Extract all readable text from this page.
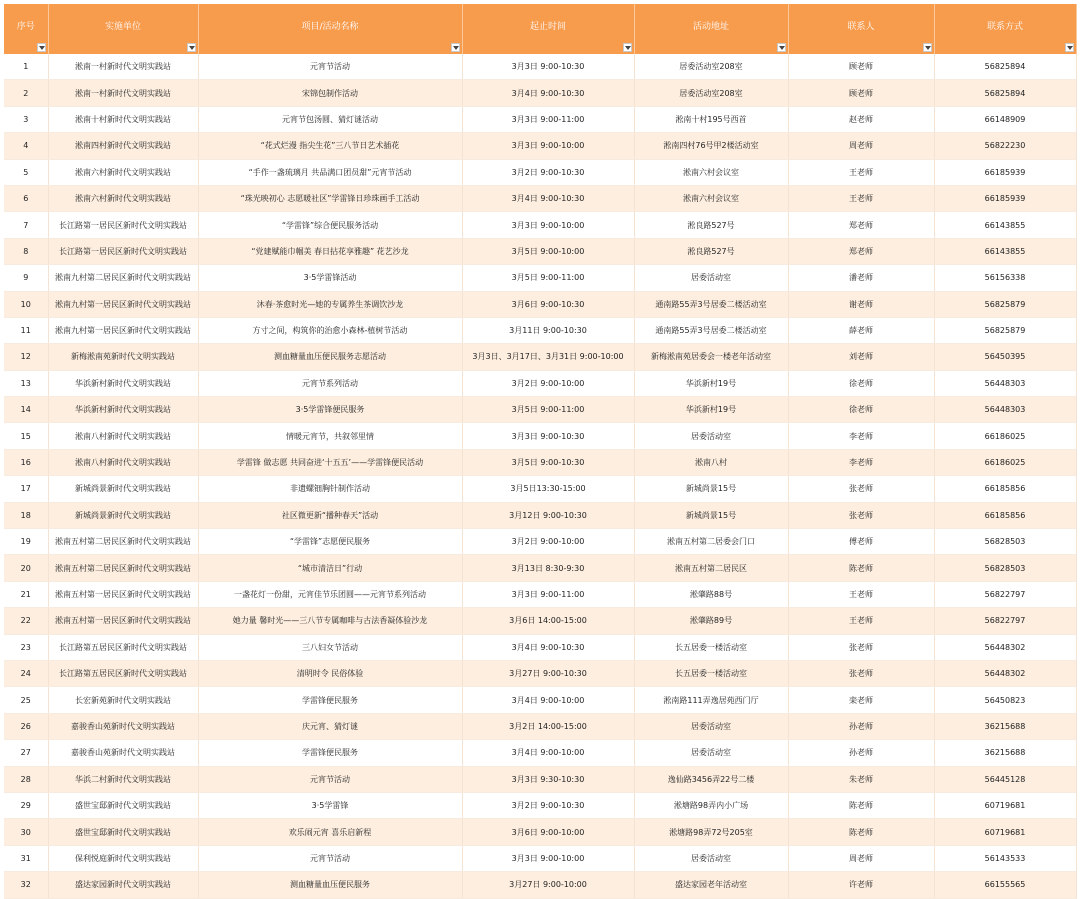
序号	实施单位	项目/活动名称	起止时间	活动地址	联系人	联系方式

1	淞南一村新时代文明实践站	元宵节活动	3月3日 9:00-10:30	居委活动室208室	顾老师	56825894
2	淞南一村新时代文明实践站	宋锦包制作活动	3月4日 9:00-10:30	居委活动室208室	顾老师	56825894
3	淞南十村新时代文明实践站	元宵节包汤圆、猜灯谜活动	3月3日 9:00-11:00	淞南十村195号西首	赵老师	66148909
4	淞南四村新时代文明实践站	“花式烂漫 指尖生花”三八节日艺术插花	3月3日 9:00-10:00	淞南四村76号甲2楼活动室	周老师	56822230
5	淞南六村新时代文明实践站	“手作一盏琉璃月 共品满口团员甜”元宵节活动	3月2日 9:00-10:30	淞南六村会议室	王老师	66185939
6	淞南六村新时代文明实践站	“珠光映初心 志愿暖社区”学雷锋日珍珠画手工活动	3月4日 9:00-10:30	淞南六村会议室	王老师	66185939
7	长江路第一居民区新时代文明实践站	“学雷锋”综合便民服务活动	3月3日 9:00-10:00	淞良路527号	郑老师	66143855
8	长江路第一居民区新时代文明实践站	“党建赋能巾帼美 春日拈花享雅趣” 花艺沙龙	3月5日 9:00-10:00	淞良路527号	郑老师	66143855
9	淞南九村第二居民区新时代文明实践站	3·5学雷锋活动	3月5日 9:00-11:00	居委活动室	潘老师	56156338
10	淞南九村第一居民区新时代文明实践站	沐春·茶愈时光—她的专属养生茶调饮沙龙	3月6日 9:00-10:30	通南路55弄3号居委二楼活动室	谢老师	56825879
11	淞南九村第一居民区新时代文明实践站	方寸之间，构筑你的治愈小森林-植树节活动	3月11日 9:00-10:30	通南路55弄3号居委二楼活动室	薛老师	56825879
12	新梅淞南苑新时代文明实践站	测血糖量血压便民服务志愿活动	3月3日、3月17日、3月31日 9:00-10:00	新梅淞南苑居委会一楼老年活动室	刘老师	56450395
13	华浜新村新时代文明实践站	元宵节系列活动	3月2日 9:00-10:00	华浜新村19号	徐老师	56448303
14	华浜新村新时代文明实践站	3·5学雷锋便民服务	3月5日 9:00-11:00	华浜新村19号	徐老师	56448303
15	淞南八村新时代文明实践站	情暖元宵节，共叙邻里情	3月3日 9:00-10:30	居委活动室	李老师	66186025
16	淞南八村新时代文明实践站	学雷锋 做志愿 共同奋进‘十五五’——学雷锋便民活动	3月5日 9:00-10:30	淞南八村	李老师	66186025
17	新城尚景新时代文明实践站	非遗螺钿胸针制作活动	3月5日13:30-15:00	新城尚景15号	张老师	66185856
18	新城尚景新时代文明实践站	社区微更新“播种春天”活动	3月12日 9:00-10:30	新城尚景15号	张老师	66185856
19	淞南五村第二居民区新时代文明实践站	“学雷锋”志愿便民服务	3月2日 9:00-10:00	淞南五村第二居委会门口	傅老师	56828503
20	淞南五村第二居民区新时代文明实践站	“城市清洁日”行动	3月13日 8:30-9:30	淞南五村第二居民区	陈老师	56828503
21	淞南五村第一居民区新时代文明实践站	一盏花灯一份甜，元宵佳节乐团圆——元宵节系列活动	3月3日 9:00-11:00	淞肇路88号	王老师	56822797
22	淞南五村第一居民区新时代文明实践站	她力量 馨时光——三八节专属咖啡与古法香凝体验沙龙	3月6日 14:00-15:00	淞肇路89号	王老师	56822797
23	长江路第五居民区新时代文明实践站	三八妇女节活动	3月4日 9:00-10:30	长五居委一楼活动室	张老师	56448302
24	长江路第五居民区新时代文明实践站	清明时令 民俗体验	3月27日 9:00-10:30	长五居委一楼活动室	张老师	56448302
25	长宏新苑新时代文明实践站	学雷锋便民服务	3月4日 9:00-10:00	淞南路111弄逸居苑西门厅	栾老师	56450823
26	嘉骏香山苑新时代文明实践站	庆元宵、猜灯谜	3月2日 14:00-15:00	居委活动室	孙老师	36215688
27	嘉骏香山苑新时代文明实践站	学雷锋便民服务	3月4日 9:00-10:00	居委活动室	孙老师	36215688
28	华浜二村新时代文明实践站	元宵节活动	3月3日 9:30-10:30	逸仙路3456弄22号二楼	朱老师	56445128
29	盛世宝邸新时代文明实践站	3·5学雷锋	3月2日 9:00-10:30	淞塘路98弄内小广场	陈老师	60719681
30	盛世宝邸新时代文明实践站	欢乐闹元宵 喜乐启新程	3月6日 9:00-10:00	淞塘路98弄72号205室	陈老师	60719681
31	保利悦庭新时代文明实践站	元宵节活动	3月3日 9:00-10:00	居委活动室	周老师	56143533
32	盛达家园新时代文明实践站	测血糖量血压便民服务	3月27日 9:00-10:00	盛达家园老年活动室	许老师	66155565
